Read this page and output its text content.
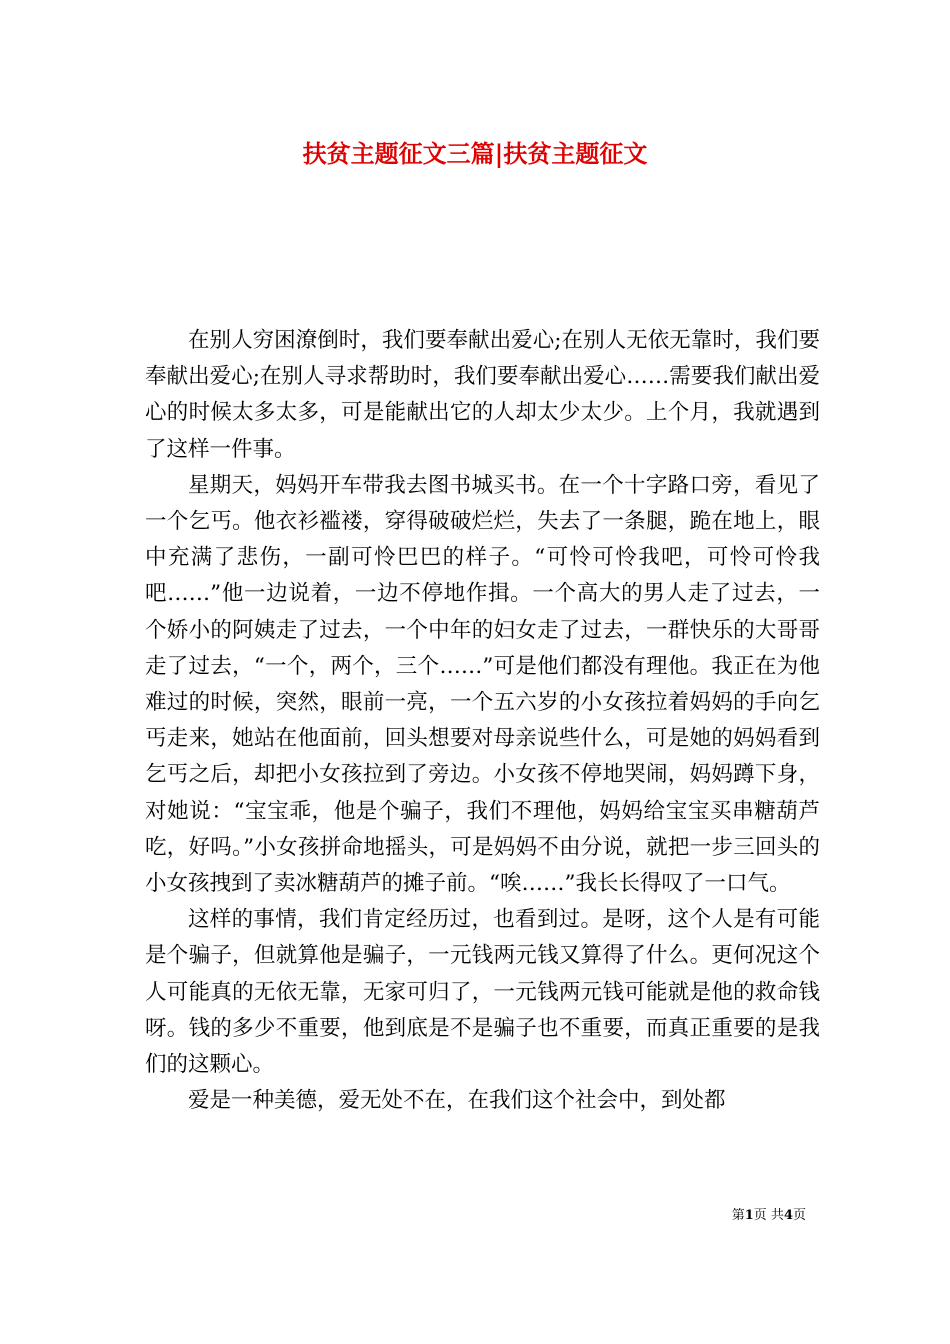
扶贫主题征文三篇|扶贫主题征文

在别人穷困潦倒时，我们要奉献出爱心;在别人无依无靠时，我们要奉献出爱心;在别人寻求帮助时，我们要奉献出爱心……需要我们献出爱心的时候太多太多，可是能献出它的人却太少太少。上个月，我就遇到了这样一件事。

星期天，妈妈开车带我去图书城买书。在一个十字路口旁，看见了一个乞丐。他衣衫褴褛，穿得破破烂烂，失去了一条腿，跪在地上，眼中充满了悲伤，一副可怜巴巴的样子。“可怜可怜我吧，可怜可怜我吧……”他一边说着，一边不停地作揖。一个高大的男人走了过去，一个娇小的阿姨走了过去，一个中年的妇女走了过去，一群快乐的大哥哥走了过去，“一个，两个，三个……”可是他们都没有理他。我正在为他难过的时候，突然，眼前一亮，一个五六岁的小女孩拉着妈妈的手向乞丐走来，她站在他面前，回头想要对母亲说些什么，可是她的妈妈看到乞丐之后，却把小女孩拉到了旁边。小女孩不停地哭闹，妈妈蹲下身，对她说：“宝宝乖，他是个骗子，我们不理他，妈妈给宝宝买串糖葫芦吃，好吗。”小女孩拼命地摇头，可是妈妈不由分说，就把一步三回头的小女孩拽到了卖冰糖葫芦的摊子前。“唉……”我长长得叹了一口气。

这样的事情，我们肯定经历过，也看到过。是呀，这个人是有可能是个骗子，但就算他是骗子，一元钱两元钱又算得了什么。更何况这个人可能真的无依无靠，无家可归了，一元钱两元钱可能就是他的救命钱呀。钱的多少不重要，他到底是不是骗子也不重要，而真正重要的是我们的这颗心。

爱是一种美德，爱无处不在，在我们这个社会中，到处都

第1页 共4页
